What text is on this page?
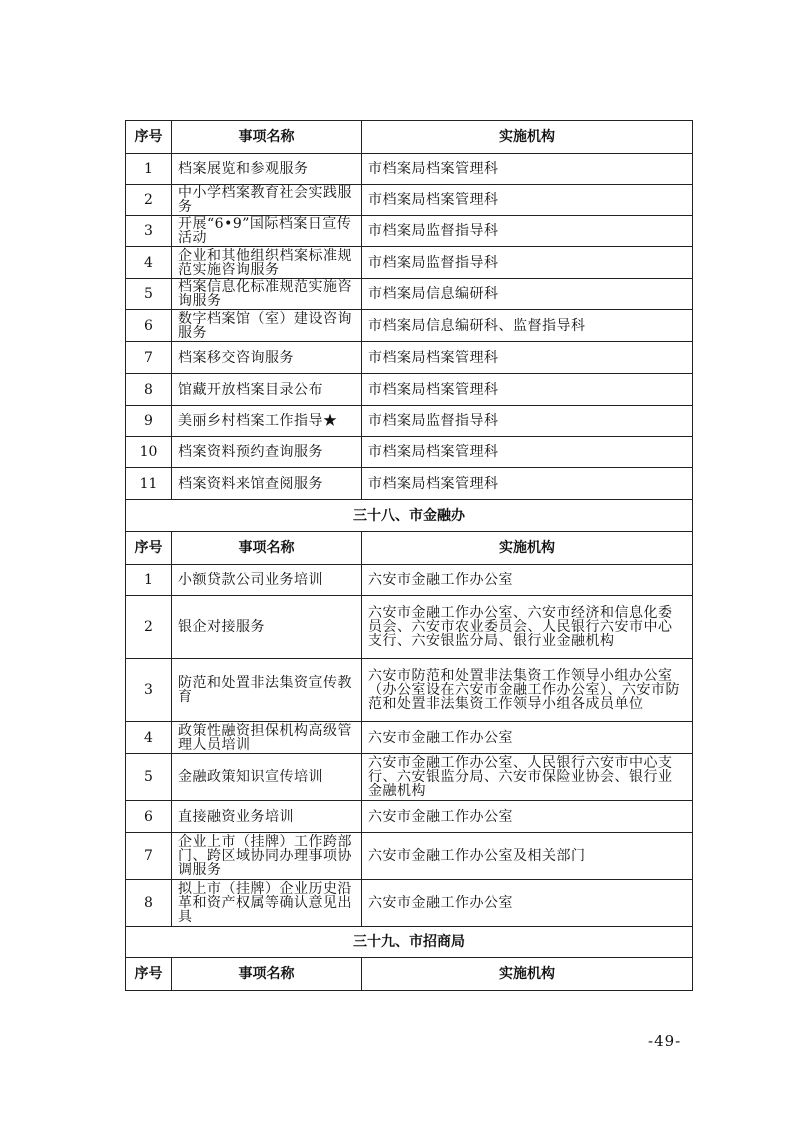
序号	事项名称	实施机构
1	档案展览和参观服务	市档案局档案管理科
2	中小学档案教育社会实践服务	市档案局档案管理科
3	开展“6•9”国际档案日宣传活动	市档案局监督指导科
4	企业和其他组织档案标准规范实施咨询服务	市档案局监督指导科
5	档案信息化标准规范实施咨询服务	市档案局信息编研科
6	数字档案馆（室）建设咨询服务	市档案局信息编研科、监督指导科
7	档案移交咨询服务	市档案局档案管理科
8	馆藏开放档案目录公布	市档案局档案管理科
9	美丽乡村档案工作指导★	市档案局监督指导科
10	档案资料预约查询服务	市档案局档案管理科
11	档案资料来馆查阅服务	市档案局档案管理科
三十八、市金融办		
序号	事项名称	实施机构
1	小额贷款公司业务培训	六安市金融工作办公室
2	银企对接服务	六安市金融工作办公室、六安市经济和信息化委员会、六安市农业委员会、人民银行六安市中心支行、六安银监分局、银行业金融机构
3	防范和处置非法集资宣传教育	六安市防范和处置非法集资工作领导小组办公室（办公室设在六安市金融工作办公室）、六安市防范和处置非法集资工作领导小组各成员单位
4	政策性融资担保机构高级管理人员培训	六安市金融工作办公室
5	金融政策知识宣传培训	六安市金融工作办公室、人民银行六安市中心支行、六安银监分局、六安市保险业协会、银行业金融机构
6	直接融资业务培训	六安市金融工作办公室
7	企业上市（挂牌）工作跨部门、跨区域协同办理事项协调服务	六安市金融工作办公室及相关部门
8	拟上市（挂牌）企业历史沿革和资产权属等确认意见出具	六安市金融工作办公室
三十九、市招商局		
序号	事项名称	实施机构
-49-
